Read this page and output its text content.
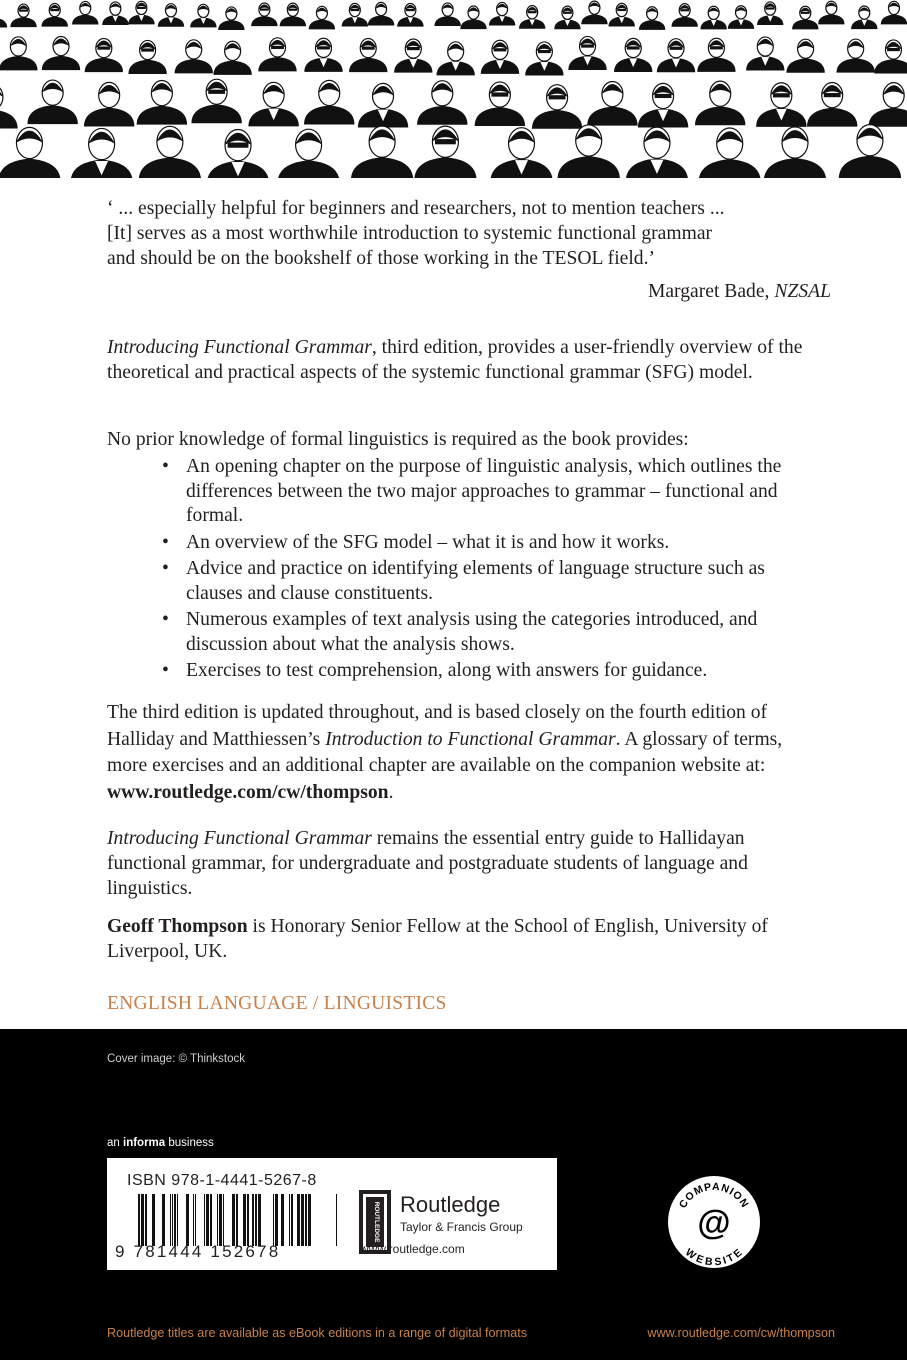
‘ ... especially helpful for beginners and researchers, not to mention teachers ...
[It] serves as a most worthwhile introduction to systemic functional grammar
and should be on the bookshelf of those working in the TESOL field.’

Margaret Bade, NZSAL

Introducing Functional Grammar, third edition, provides a user-friendly overview of the theoretical and practical aspects of the systemic functional grammar (SFG) model.

No prior knowledge of formal linguistics is required as the book provides:

• An opening chapter on the purpose of linguistic analysis, which outlines the differences between the two major approaches to grammar – functional and formal.
• An overview of the SFG model – what it is and how it works.
• Advice and practice on identifying elements of language structure such as clauses and clause constituents.
• Numerous examples of text analysis using the categories introduced, and discussion about what the analysis shows.
• Exercises to test comprehension, along with answers for guidance.

The third edition is updated throughout, and is based closely on the fourth edition of Halliday and Matthiessen’s Introduction to Functional Grammar. A glossary of terms, more exercises and an additional chapter are available on the companion website at: www.routledge.com/cw/thompson.

Introducing Functional Grammar remains the essential entry guide to Hallidayan functional grammar, for undergraduate and postgraduate students of language and linguistics.

Geoff Thompson is Honorary Senior Fellow at the School of English, University of Liverpool, UK.

ENGLISH LANGUAGE / LINGUISTICS

Cover image: © Thinkstock
an informa business
ISBN 978-1-4441-5267-8
9 781444 152678
ROUTLEDGE Routledge
Taylor & Francis Group
www.routledge.com
COMPANION
WEBSITE
@
Routledge titles are available as eBook editions in a range of digital formats	www.routledge.com/cw/thompson
